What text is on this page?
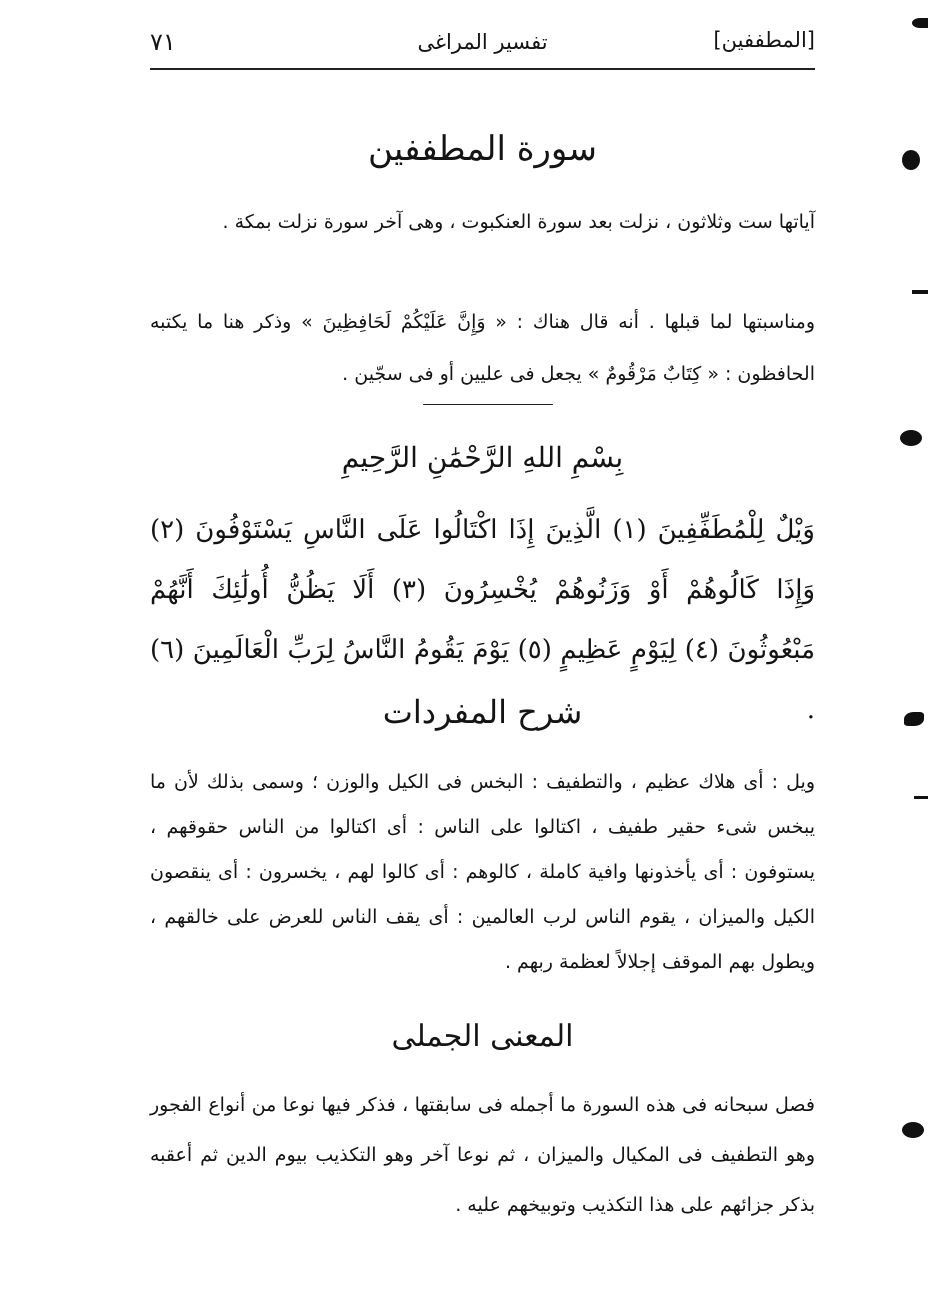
٧١	تفسير المراغى	[المطففين]
سورة المطففين

آياتها ست وثلاثون ، نزلت بعد سورة العنكبوت ، وهى آخر سورة نزلت بمكة .

ومناسبتها لما قبلها . أنه قال هناك : « وَإِنَّ عَلَيْكُمْ لَحَافِظِينَ » وذكر هنا ما يكتبه الحافظون : « كِتَابٌ مَرْقُومٌ » يجعل فى عليين أو فى سجّين .

بِسْمِ اللهِ الرَّحْمَٰنِ الرَّحِيمِ

وَيْلٌ لِلْمُطَفِّفِينَ (١) الَّذِينَ إِذَا اكْتَالُوا عَلَى النَّاسِ يَسْتَوْفُونَ (٢) وَإِذَا كَالُوهُمْ أَوْ وَزَنُوهُمْ يُخْسِرُونَ (٣) أَلَا يَظُنُّ أُولَٰئِكَ أَنَّهُمْ مَبْعُوثُونَ (٤) لِيَوْمٍ عَظِيمٍ (٥) يَوْمَ يَقُومُ النَّاسُ لِرَبِّ الْعَالَمِينَ (٦) .

شرح المفردات

ويل : أى هلاك عظيم ، والتطفيف : البخس فى الكيل والوزن ؛ وسمى بذلك لأن ما يبخس شىء حقير طفيف ، اكتالوا على الناس : أى اكتالوا من الناس حقوقهم ، يستوفون : أى يأخذونها وافية كاملة ، كالوهم : أى كالوا لهم ، يخسرون : أى ينقصون الكيل والميزان ، يقوم الناس لرب العالمين : أى يقف الناس للعرض على خالقهم ، ويطول بهم الموقف إجلالاً لعظمة ربهم .

المعنى الجملى

فصل سبحانه فى هذه السورة ما أجمله فى سابقتها ، فذكر فيها نوعا من أنواع الفجور وهو التطفيف فى المكيال والميزان ، ثم نوعا آخر وهو التكذيب بيوم الدين ثم أعقبه بذكر جزائهم على هذا التكذيب وتوبيخهم عليه .
